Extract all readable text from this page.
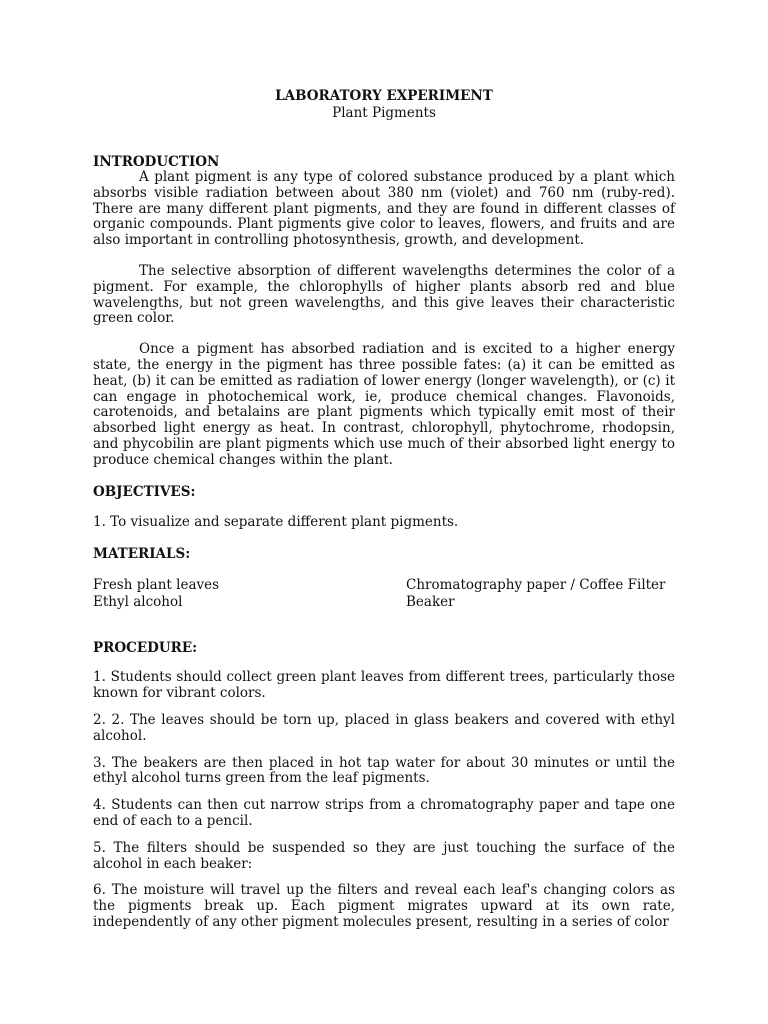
LABORATORY EXPERIMENT

Plant Pigments

INTRODUCTION

A plant pigment is any type of colored substance produced by a plant which absorbs visible radiation between about 380 nm (violet) and 760 nm (ruby-red). There are many different plant pigments, and they are found in different classes of organic compounds. Plant pigments give color to leaves, flowers, and fruits and are also important in controlling photosynthesis, growth, and development.

The selective absorption of different wavelengths determines the color of a pigment. For example, the chlorophylls of higher plants absorb red and blue wavelengths, but not green wavelengths, and this give leaves their characteristic green color.

Once a pigment has absorbed radiation and is excited to a higher energy state, the energy in the pigment has three possible fates: (a) it can be emitted as heat, (b) it can be emitted as radiation of lower energy (longer wavelength), or (c) it can engage in photochemical work, ie, produce chemical changes. Flavonoids, carotenoids, and betalains are plant pigments which typically emit most of their absorbed light energy as heat. In contrast, chlorophyll, phytochrome, rhodopsin, and phycobilin are plant pigments which use much of their absorbed light energy to produce chemical changes within the plant.

OBJECTIVES:

1. To visualize and separate different plant pigments.

MATERIALS:
Fresh plant leaves	Chromatography paper / Coffee Filter
Ethyl alcohol	Beaker
PROCEDURE:

1. Students should collect green plant leaves from different trees, particularly those known for vibrant colors.

2. 2. The leaves should be torn up, placed in glass beakers and covered with ethyl alcohol.

3. The beakers are then placed in hot tap water for about 30 minutes or until the ethyl alcohol turns green from the leaf pigments.

4. Students can then cut narrow strips from a chromatography paper and tape one end of each to a pencil.

5. The filters should be suspended so they are just touching the surface of the alcohol in each beaker:

6. The moisture will travel up the filters and reveal each leaf's changing colors as the pigments break up. Each pigment migrates upward at its own rate, independently of any other pigment molecules present, resulting in a series of color
